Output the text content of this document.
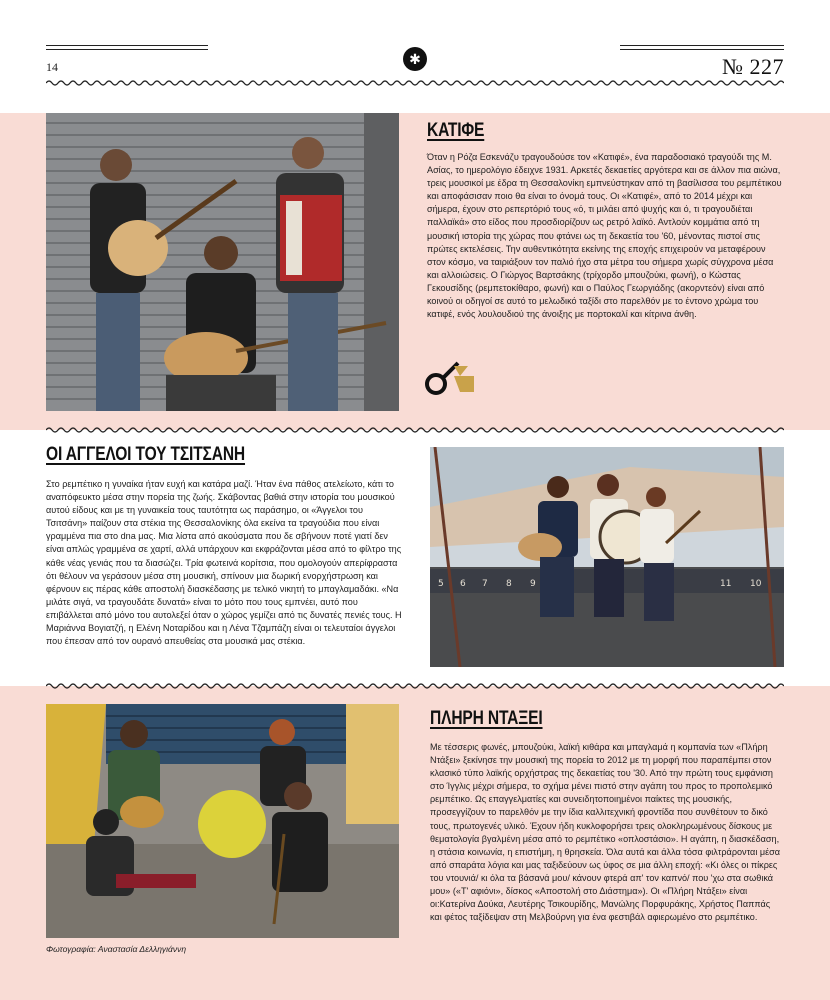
14	✱	№ 227
ΚΑΤΙΦΕ
Όταν η Ρόζα Εσκενάζυ τραγουδούσε τον «Κατιφέ», ένα παραδοσιακό τραγούδι της Μ. Ασίας, το ημερολόγιο έδειχνε 1931. Αρκετές δεκαετίες αργότερα και σε άλλον πια αιώνα, τρεις μουσικοί με έδρα τη Θεσσαλονίκη εμπνεύστηκαν από τη βασίλισσα του ρεμπέτικου και αποφάσισαν ποιο θα είναι το όνομά τους. Οι «Κατιφέ», από το 2014 μέχρι και σήμερα, έχουν στο ρεπερτόριό τους «ό, τι μιλάει από ψυχής και ό, τι τραγουδιέται παλλαϊκά» στο είδος που προσδιορίζουν ως ρετρό λαϊκό. Αντλούν κομμάτια από τη μουσική ιστορία της χώρας που φτάνει ως τη δεκαετία του '60, μένοντας πιστοί στις πρώτες εκτελέσεις. Την αυθεντικότητα εκείνης της εποχής επιχειρούν να μεταφέρουν στον κόσμο, να ταιριάξουν τον παλιό ήχο στα μέτρα του σήμερα χωρίς σύγχρονα μέσα και αλλοιώσεις. Ο Γιώργος Βαρτσάκης (τρίχορδο μπουζούκι, φωνή), ο Κώστας Γεκουσίδης (ρεμπετοκίθαρο, φωνή) και ο Παύλος Γεωργιάδης (ακορντεόν) είναι από κοινού οι οδηγοί σε αυτό το μελωδικό ταξίδι στο παρελθόν με το έντονο χρώμα του κατιφέ, ενός λουλουδιού της άνοιξης με πορτοκαλί και κίτρινα άνθη.
ΟΙ ΑΓΓΕΛΟΙ ΤΟΥ ΤΣΙΤΣΑΝΗ
Στο ρεμπέτικο η γυναίκα ήταν ευχή και κατάρα μαζί. Ήταν ένα πάθος ατελείωτο, κάτι το αναπόφευκτο μέσα στην πορεία της ζωής. Σκάβοντας βαθιά στην ιστορία του μουσικού αυτού είδους και με τη γυναικεία τους ταυτότητα ως παράσημο, οι «Άγγελοι του Τσιτσάνη» παίζουν στα στέκια της Θεσσαλονίκης όλα εκείνα τα τραγούδια που είναι γραμμένα πια στο dna μας. Μια λίστα από ακούσματα που δε σβήνουν ποτέ γιατί δεν είναι απλώς γραμμένα σε χαρτί, αλλά υπάρχουν και εκφράζονται μέσα από το φίλτρο της κάθε νέας γενιάς που τα διασώζει. Τρία φωτεινά κορίτσια, που ομολογούν απερίφραστα ότι θέλουν να γεράσουν μέσα στη μουσική, σπίνουν μια δωρική ενορχήστρωση και φέρνουν εις πέρας κάθε αποστολή διασκέδασης με τελικό νικητή το μπαγλαμαδάκι. «Να μιλάτε σιγά, να τραγουδάτε δυνατά» είναι το μότο που τους εμπνέει, αυτό που επιβάλλεται από μόνο του αυτολεξεί όταν ο χώρος γεμίζει από τις δυνατές πενιές τους. Η Μαριάννα Βογιατζή, η Ελένη Νοταρίδου και η Λένα Τζαμπάζη είναι οι τελευταίοι άγγελοι που έπεσαν από τον ουρανό απευθείας στα μουσικά μας στέκια.
5 6 7 8 9	11 10
ΠΛΗΡΗ ΝΤΑΞΕΙ
Με τέσσερις φωνές, μπουζούκι, λαϊκή κιθάρα και μπαγλαμά η κομπανία των «Πλήρη Ντάξει» ξεκίνησε την μουσική της πορεία το 2012 με τη μορφή που παραπέμπει στον κλασικό τύπο λαϊκής ορχήστρας της δεκαετίας του '30. Από την πρώτη τους εμφάνιση στο Ίγγλις μέχρι σήμερα, το σχήμα μένει πιστό στην αγάπη του προς το προπολεμικό ρεμπέτικο. Ως επαγγελματίες και συνειδητοποιημένοι παίκτες της μουσικής, προσεγγίζουν το παρελθόν με την ίδια καλλιτεχνική φροντίδα που συνθέτουν το δικό τους, πρωτογενές υλικό. Έχουν ήδη κυκλοφορήσει τρεις ολοκληρωμένους δίσκους με θεματολογία βγαλμένη μέσα από το ρεμπέτικο «οπλοστάσιο». Η αγάπη, η διασκέδαση, η στάσια κοινωνία, η επιστήμη, η θρησκεία. Όλα αυτά και άλλα τόσα φιλτράρονται μέσα από σπαράτα λόγια και μας ταξιδεύουν ως ύφος σε μια άλλη εποχή: «Κι όλες οι πίκρες του ντουνιά/ κι όλα τα βάσανά μου/ κάνουν φτερά απ' τον καπνό/ που 'χω στα σωθικά μου» («Τ' αφιόνι», δίσκος «Αποστολή στο Διάστημα»). Οι «Πλήρη Ντάξει» είναι οι:Κατερίνα Δούκα, Λευτέρης Τσικουρίδης, Μανώλης Πορφυράκης, Χρήστος Παππάς και φέτος ταξίδεψαν στη Μελβούρνη για ένα φεστιβάλ αφιερωμένο στο ρεμπέτικο.
Φωτογραφία: Αναστασία Δελληγιάννη
